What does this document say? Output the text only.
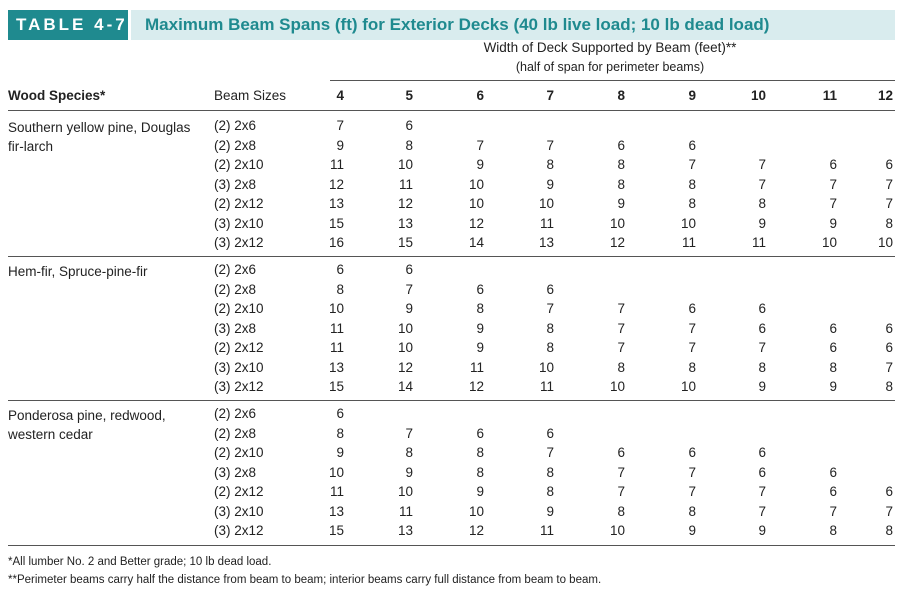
TABLE 4-7	Maximum Beam Spans (ft) for Exterior Decks (40 lb live load; 10 lb dead load)
Width of Deck Supported by Beam (feet)**
(half of span for perimeter beams)
Wood Species*	Beam Sizes	4	5	6	7	8	9	10	11	12
Southern yellow pine, Douglas fir-larch
(2) 2x6	7	6
(2) 2x8	9	8	7	7	6	6
(2) 2x10	11	10	9	8	8	7	7	6	6
(3) 2x8	12	11	10	9	8	8	7	7	7
(2) 2x12	13	12	10	10	9	8	8	7	7
(3) 2x10	15	13	12	11	10	10	9	9	8
(3) 2x12	16	15	14	13	12	11	11	10	10
Hem-fir, Spruce-pine-fir	(2) 2x6	6	6
(2) 2x8	8	7	6	6
(2) 2x10	10	9	8	7	7	6	6
(3) 2x8	11	10	9	8	7	7	6	6	6
(2) 2x12	11	10	9	8	7	7	7	6	6
(3) 2x10	13	12	11	10	8	8	8	8	7
(3) 2x12	15	14	12	11	10	10	9	9	8
Ponderosa pine, redwood, western cedar
(2) 2x6	6
(2) 2x8	8	7	6	6
(2) 2x10	9	8	8	7	6	6	6
(3) 2x8	10	9	8	8	7	7	6	6
(2) 2x12	11	10	9	8	7	7	7	6	6
(3) 2x10	13	11	10	9	8	8	7	7	7
(3) 2x12	15	13	12	11	10	9	9	8	8
*All lumber No. 2 and Better grade; 10 lb dead load.
**Perimeter beams carry half the distance from beam to beam; interior beams carry full distance from beam to beam.
